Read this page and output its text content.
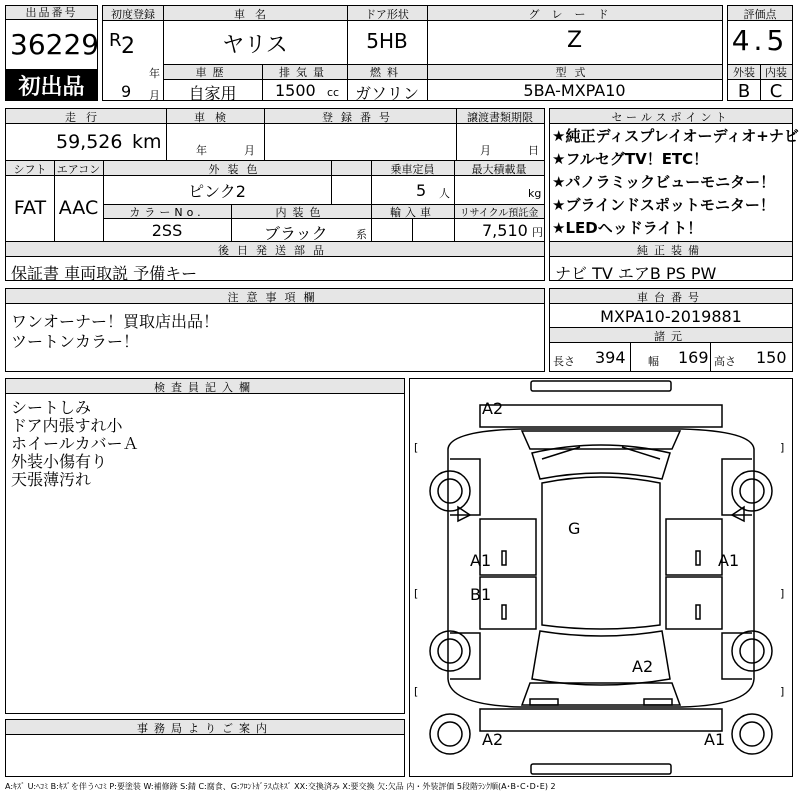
出品番号
36229
初出品
初度登録
R 2
年
9 月
車名
ヤリス
ドア形状
5HB
グレード
Z
車歴
自家用
排気量
1500 cc
燃料
ガソリン
型式
5BA-MXPA10
評価点
4.5
外装 内装
B	C
走行
59,526 km
車検
年	月
登録番号	譲渡書類期限
月	日
シフト
FAT
エアコン
AAC
外装色
ピンク2
乗車定員
5 人
最大積載量
kg
カラーNo.
2SS
内装色
ブラック	系
輸入車	リサイクル預託金
7,510 円
後日発送部品
保証書 車両取説 予備キー
セールスポイント
★純正ディスプレイオーディオ+ナビ
★フルセグTV！ETC！
★パノラミックビューモニター！
★ブラインドスポットモニター！
★LEDヘッドライト！
純正装備
ナビ TV エアB PS PW
注意事項欄
ワンオーナー！買取店出品！
ツートンカラー！
車台番号
MXPA10-2019881
諸元
長さ 394 幅 169 高さ 150
検査員記入欄
シートしみ
ドア内張すれ小
ホイールカバーＡ
外装小傷有り
天張薄汚れ
事務局よりご案内
A2
G
A1	A1
B1
A2
A2	A1
[	]
[	]
[	]
A:ｷｽﾞ U:ﾍｺﾐ B:ｷｽﾞを伴うﾍｺﾐ P:要塗装 W:補修跡 S:錆 C:腐食、G:ﾌﾛﾝﾄｶﾞﾗｽ点ｷｽﾞ XX:交換済み X:要交換 欠:欠品 内・外装評価 5段階ﾗﾝｸ順(A･B･C･D･E) 2
